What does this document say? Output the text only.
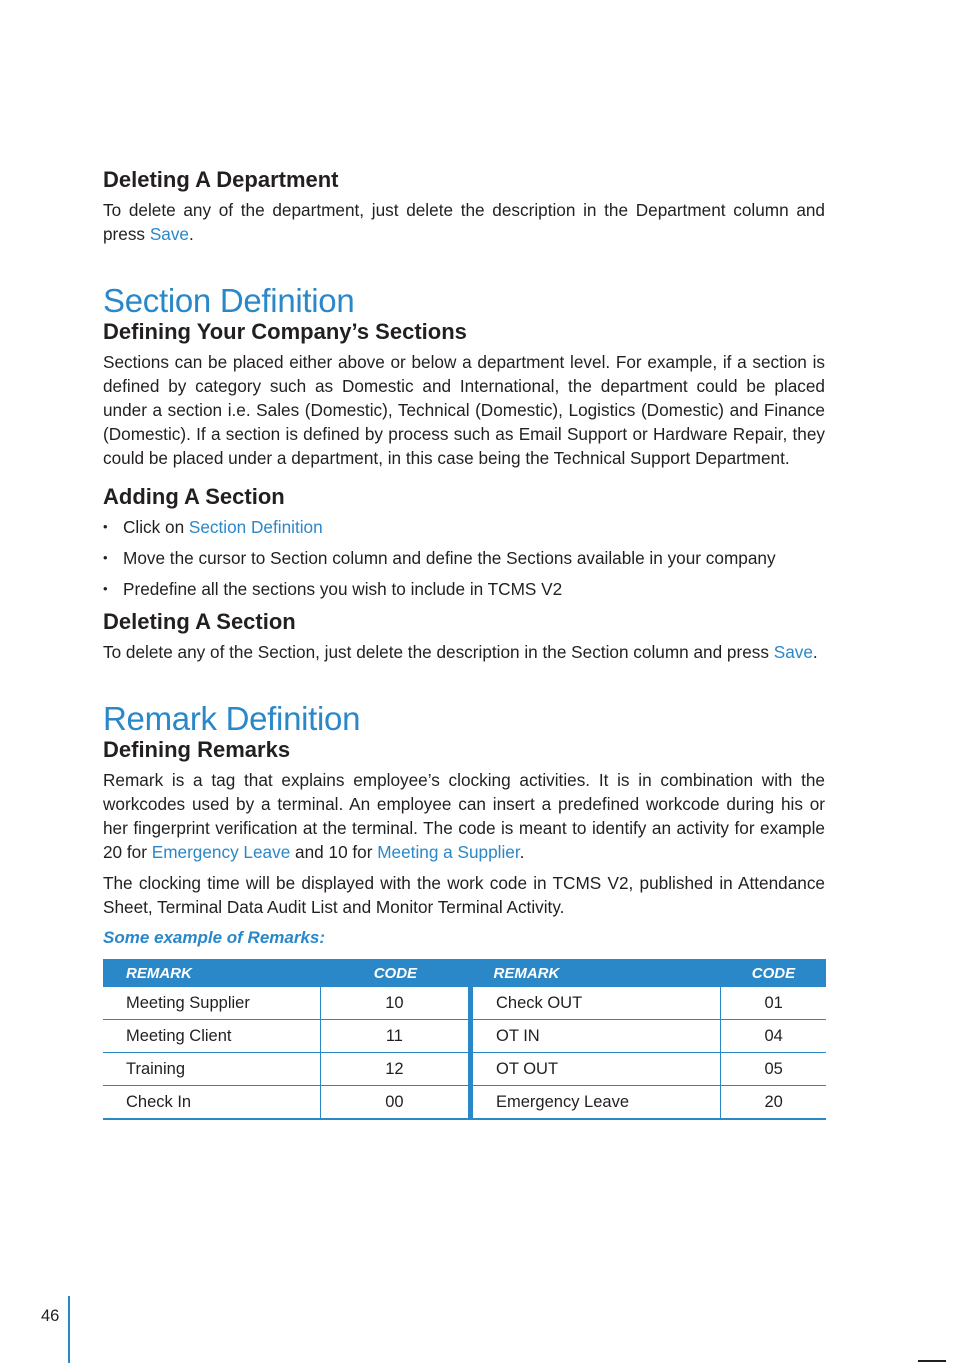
Deleting A Department

To delete any of the department, just delete the description in the Department column and press Save.

Section Definition
Defining Your Company’s Sections

Sections can be placed either above or below a department level. For example, if a section is defined by category such as Domestic and International, the department could be placed under a section i.e. Sales (Domestic), Technical (Domestic), Logistics (Domestic) and Finance (Domestic). If a section is defined by process such as Email Support or Hardware Repair, they could be placed under a department, in this case being the Technical Support Department.

Adding A Section
• Click on Section Definition
• Move the cursor to Section column and define the Sections available in your company
• Predefine all the sections you wish to include in TCMS V2
Deleting A Section

To delete any of the Section, just delete the description in the Section column and press Save.

Remark Definition
Defining Remarks

Remark is a tag that explains employee’s clocking activities. It is in combination with the workcodes used by a terminal. An employee can insert a predefined workcode during his or her fingerprint verification at the terminal. The code is meant to identify an activity for example 20 for Emergency Leave and 10 for Meeting a Supplier.

The clocking time will be displayed with the work code in TCMS V2, published in Attendance Sheet, Terminal Data Audit List and Monitor Terminal Activity.

Some example of Remarks:
REMARK	CODE	REMARK	CODE
Meeting Supplier	10	Check OUT	01
Meeting Client	11	OT IN	04
Training	12	OT OUT	05
Check In	00	Emergency Leave	20
46
